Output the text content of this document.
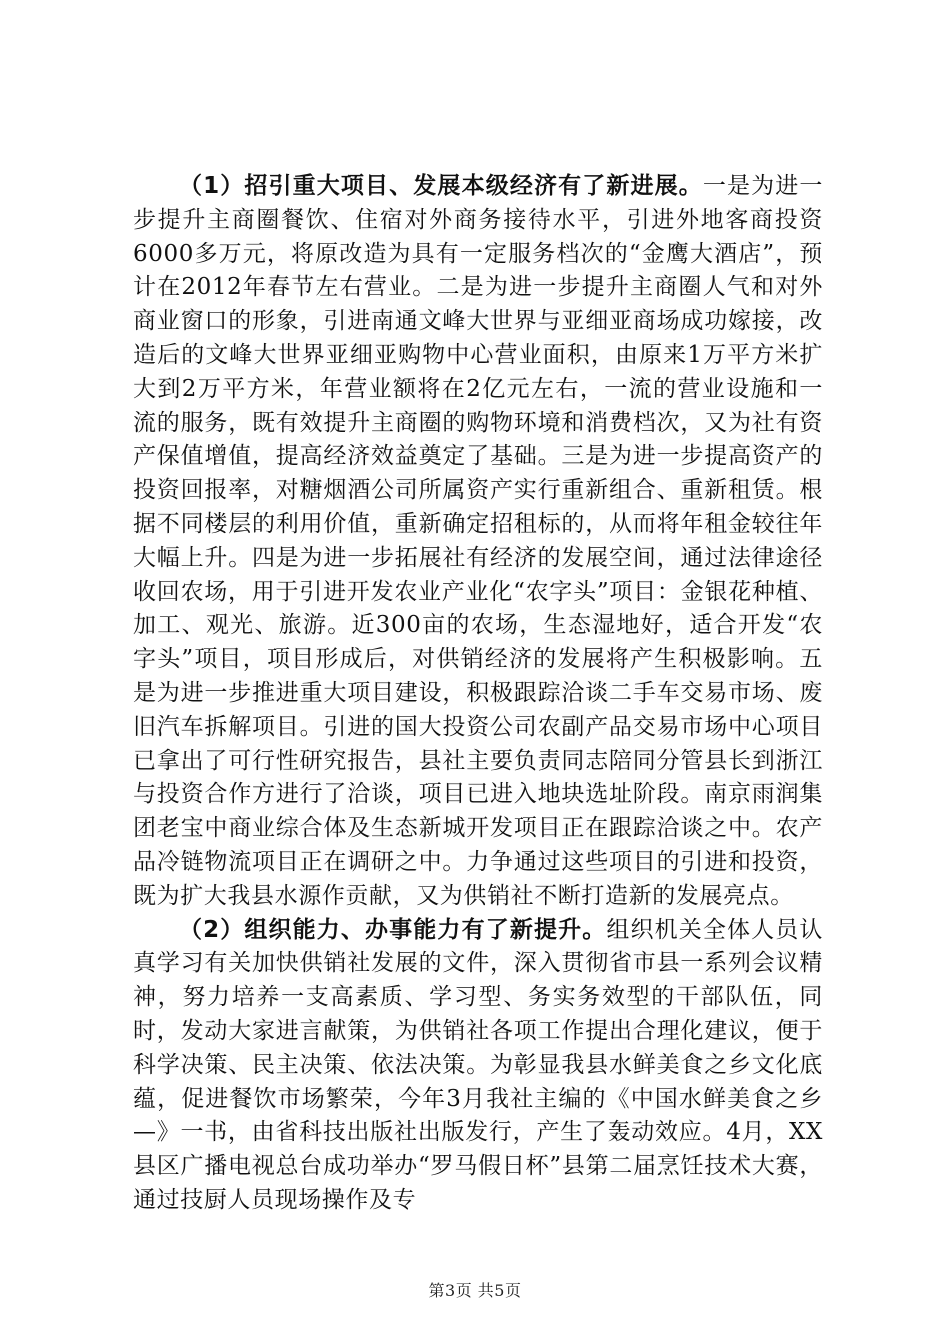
（1）招引重大项目、发展本级经济有了新进展。一是为进一步提升主商圈餐饮、住宿对外商务接待水平，引进外地客商投资6000多万元，将原改造为具有一定服务档次的“金鹰大酒店”，预计在2012年春节左右营业。二是为进一步提升主商圈人气和对外商业窗口的形象，引进南通文峰大世界与亚细亚商场成功嫁接，改造后的文峰大世界亚细亚购物中心营业面积，由原来1万平方米扩大到2万平方米，年营业额将在2亿元左右，一流的营业设施和一流的服务，既有效提升主商圈的购物环境和消费档次，又为社有资产保值增值，提高经济效益奠定了基础。三是为进一步提高资产的投资回报率，对糖烟酒公司所属资产实行重新组合、重新租赁。根据不同楼层的利用价值，重新确定招租标的，从而将年租金较往年大幅上升。四是为进一步拓展社有经济的发展空间，通过法律途径收回农场，用于引进开发农业产业化“农字头”项目：金银花种植、加工、观光、旅游。近300亩的农场，生态湿地好，适合开发“农字头”项目，项目形成后，对供销经济的发展将产生积极影响。五是为进一步推进重大项目建设，积极跟踪洽谈二手车交易市场、废旧汽车拆解项目。引进的国大投资公司农副产品交易市场中心项目已拿出了可行性研究报告，县社主要负责同志陪同分管县长到浙江与投资合作方进行了洽谈，项目已进入地块选址阶段。南京雨润集团老宝中商业综合体及生态新城开发项目正在跟踪洽谈之中。农产品冷链物流项目正在调研之中。力争通过这些项目的引进和投资，既为扩大我县水源作贡献，又为供销社不断打造新的发展亮点。

（2）组织能力、办事能力有了新提升。组织机关全体人员认真学习有关加快供销社发展的文件，深入贯彻省市县一系列会议精神，努力培养一支高素质、学习型、务实务效型的干部队伍，同时，发动大家进言献策，为供销社各项工作提出合理化建议，便于科学决策、民主决策、依法决策。为彰显我县水鲜美食之乡文化底蕴，促进餐饮市场繁荣，今年3月我社主编的《中国水鲜美食之乡—》一书，由省科技出版社出版发行，产生了轰动效应。4月，XX县区广播电视总台成功举办“罗马假日杯”县第二届烹饪技术大赛，通过技厨人员现场操作及专

第3页 共5页
